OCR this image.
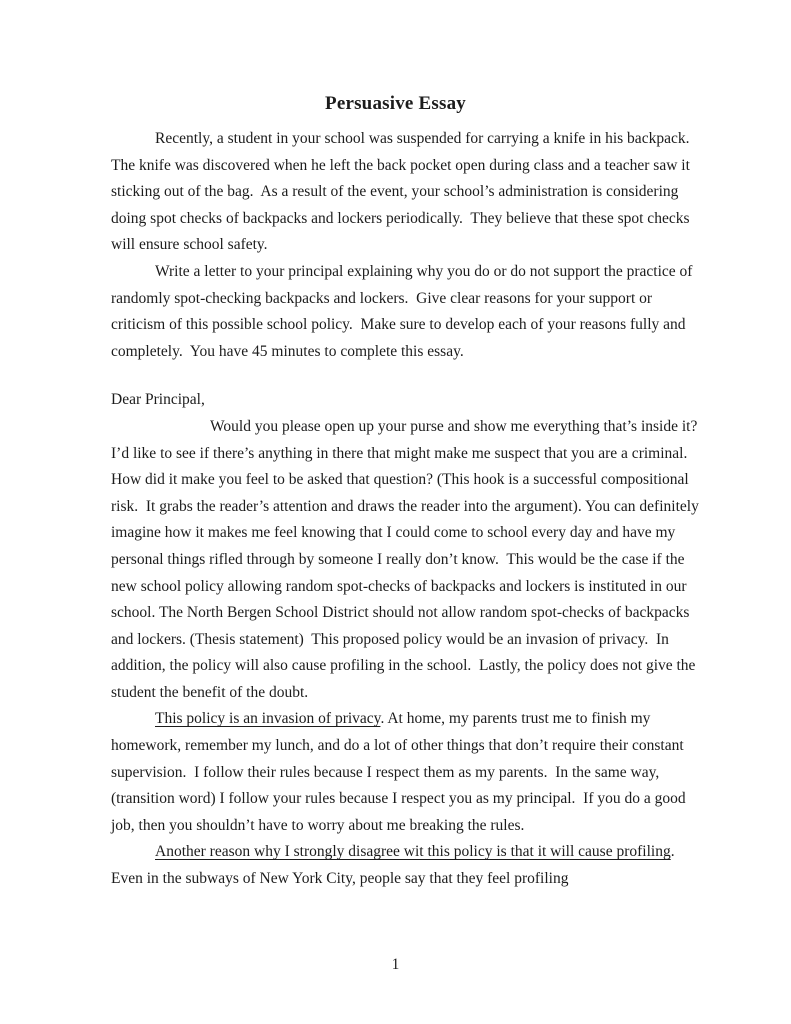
Persuasive Essay

Recently, a student in your school was suspended for carrying a knife in his backpack.  The knife was discovered when he left the back pocket open during class and a teacher saw it sticking out of the bag.  As a result of the event, your school’s administration is considering doing spot checks of backpacks and lockers periodically.  They believe that these spot checks will ensure school safety.

Write a letter to your principal explaining why you do or do not support the practice of randomly spot-checking backpacks and lockers.  Give clear reasons for your support or criticism of this possible school policy.  Make sure to develop each of your reasons fully and completely.  You have 45 minutes to complete this essay.

Dear Principal,

Would you please open up your purse and show me everything that’s inside it? I’d like to see if there’s anything in there that might make me suspect that you are a criminal.  How did it make you feel to be asked that question? (This hook is a successful compositional risk.  It grabs the reader’s attention and draws the reader into the argument). You can definitely imagine how it makes me feel knowing that I could come to school every day and have my personal things rifled through by someone I really don’t know.  This would be the case if the new school policy allowing random spot-checks of backpacks and lockers is instituted in our school. The North Bergen School District should not allow random spot-checks of backpacks and lockers. (Thesis statement)  This proposed policy would be an invasion of privacy.  In addition, the policy will also cause profiling in the school.  Lastly, the policy does not give the student the benefit of the doubt.

This policy is an invasion of privacy. At home, my parents trust me to finish my homework, remember my lunch, and do a lot of other things that don’t require their constant supervision.  I follow their rules because I respect them as my parents.  In the same way, (transition word) I follow your rules because I respect you as my principal.  If you do a good job, then you shouldn’t have to worry about me breaking the rules.

Another reason why I strongly disagree wit this policy is that it will cause profiling.  Even in the subways of New York City, people say that they feel profiling

1
